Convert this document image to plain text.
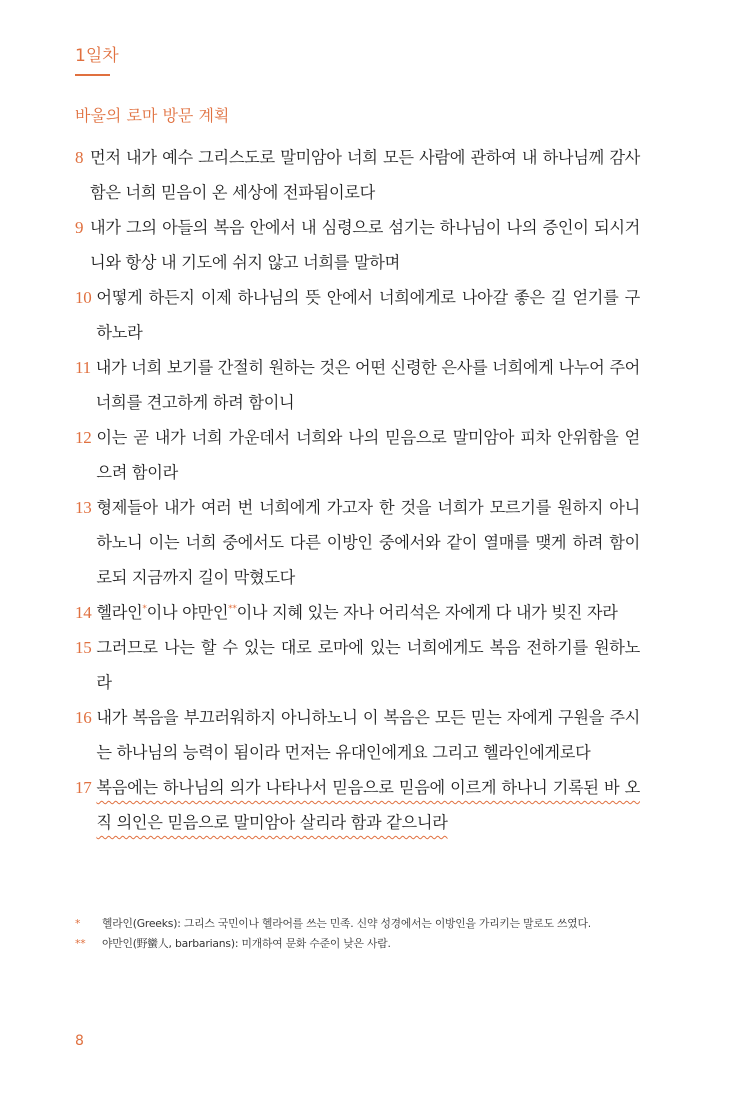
1일차
바울의 로마 방문 계획
8 먼저 내가 예수 그리스도로 말미암아 너희 모든 사람에 관하여 내 하나님께 감사함은 너희 믿음이 온 세상에 전파됨이로다
9 내가 그의 아들의 복음 안에서 내 심령으로 섬기는 하나님이 나의 증인이 되시거니와 항상 내 기도에 쉬지 않고 너희를 말하며
10 어떻게 하든지 이제 하나님의 뜻 안에서 너희에게로 나아갈 좋은 길 얻기를 구하노라
11 내가 너희 보기를 간절히 원하는 것은 어떤 신령한 은사를 너희에게 나누어 주어 너희를 견고하게 하려 함이니
12 이는 곧 내가 너희 가운데서 너희와 나의 믿음으로 말미암아 피차 안위함을 얻으려 함이라
13 형제들아 내가 여러 번 너희에게 가고자 한 것을 너희가 모르기를 원하지 아니하노니 이는 너희 중에서도 다른 이방인 중에서와 같이 열매를 맺게 하려 함이로되 지금까지 길이 막혔도다
14 헬라인*이나 야만인**이나 지혜 있는 자나 어리석은 자에게 다 내가 빚진 자라
15 그러므로 나는 할 수 있는 대로 로마에 있는 너희에게도 복음 전하기를 원하노라
16 내가 복음을 부끄러워하지 아니하노니 이 복음은 모든 믿는 자에게 구원을 주시는 하나님의 능력이 됨이라 먼저는 유대인에게요 그리고 헬라인에게로다
17 복음에는 하나님의 의가 나타나서 믿음으로 믿음에 이르게 하나니 기록된 바 오직 의인은 믿음으로 말미암아 살리라 함과 같으니라
*	헬라인(Greeks): 그리스 국민이나 헬라어를 쓰는 민족. 신약 성경에서는 이방인을 가리키는 말로도 쓰였다.
**	야만인(野蠻人, barbarians): 미개하여 문화 수준이 낮은 사람.
8
